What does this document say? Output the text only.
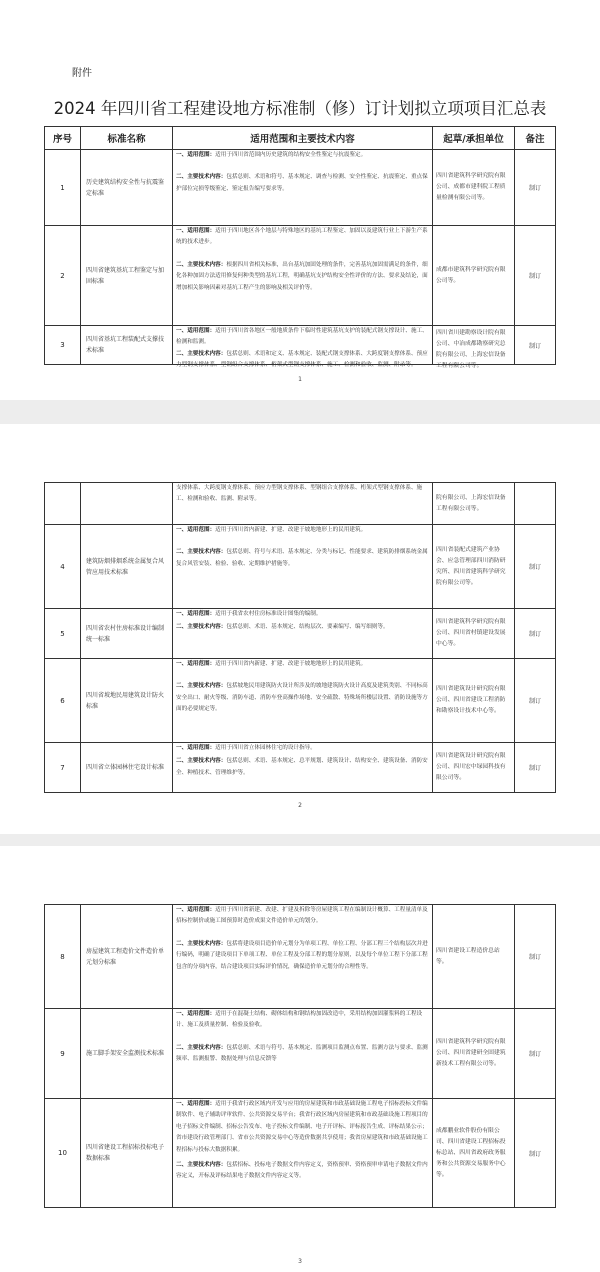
附件
2024 年四川省工程建设地方标准制（修）订计划拟立项项目汇总表
序号	标准名称	适用范围和主要技术内容	起草/承担单位	备注
1	历史建筑结构安全性与抗震鉴定标准	一、适用范围：适用于四川省范围内历史建筑的结构安全性鉴定与抗震鉴定。
二、主要技术内容：包括总则、术语和符号、基本规定、调查与检测、安全性鉴定、抗震鉴定、重点保护部位完损等级鉴定、鉴定报告编写要求等。	四川省建筑科学研究院有限公司、成都市建科院工程质量检测有限公司等。	制订
2	四川省建筑基坑工程鉴定与加固标准	一、适用范围：适用于四川地区各个地层与特殊地区的基坑工程鉴定、加固以及建筑行业上下游生产系统的技术进步。
二、主要技术内容：根据四川省相关标准，出台基坑加固处理的条件，完善基坑加固需满足的条件，细化各种加固方法适用修复何种类型的基坑工程，明确基坑支护结构安全性评价的方法、要求及结论，面增加相关影响因素对基坑工程产生的影响及相关评价等。	成都市建筑科学研究院有限公司等。	制订
3	四川省基坑工程装配式支撑技术标准	一、适用范围：适用于四川省各地区一般地质条件下临时性建筑基坑支护的装配式钢支撑设计、施工、检测和监测。
二、主要技术内容：包括总则、术语和定义、基本规定、装配式钢支撑体系、大跨度钢支撑体系、预应力型钢支撑体系、型钢组合支撑体系、桁架式型钢支撑体系、施工、检测和验收、监测、附录等。	四川省川建勘察设计院有限公司、中冶成都勘察研究总院有限公司、上海宏信设备工程有限公司等。	制订
1
		支撑体系、大跨度钢支撑体系、预应力型钢支撑体系、型钢组合支撑体系、桁架式型钢支撑体系、施工、检测和验收、监测、附录等。	院有限公司、上海宏信设备工程有限公司等。	
4	建筑防烟排烟系统金属复合风管应用技术标准	一、适用范围：适用于四川省内新建、扩建、改建于坡地地形上的民用建筑。
二、主要技术内容：包括总则、符号与术语、基本规定、分类与标记、性能要求、建筑防排烟系统金属复合风管安装、检验、验收、定期维护措施等。	四川省装配式建筑产业协会、应急管理部四川消防研究所、四川省建筑科学研究院有限公司等。	制订
5	四川省农村住房标准设计编制统一标准	一、适用范围：适用于我省农村住房标准设计图集的编制。
二、主要技术内容：包括总则、术语、基本规定、结构层次、要素编写、编写细则等。	四川省建筑科学研究院有限公司、四川省村镇建设发展中心等。	制订
6	四川省坡地民用建筑设计防火标准	一、适用范围：适用于四川省内新建、扩建、改建于坡地地形上的民用建筑。
二、主要技术内容：包括坡地民用建筑防火设计所涉及的坡地建筑防火设计高度及建筑类别、不同标高安全出口、耐火等级、消防车道、消防车登高操作场地、安全疏散、特殊场所楼层设置、消防设施等方面的必要规定等。	四川省建筑设计研究院有限公司、四川省建设工程消防和勘察设计技术中心等。	制订
7	四川省立体园林住宅设计标准	一、适用范围：适用于四川省立体园林住宅的设计指导。
二、主要技术内容：包括总则、术语、基本规定、总平规划、建筑设计、结构安全、建筑设备、消防安全、种植技术、管理维护等。	四川省建筑设计研究院有限公司、四川宏中绿园科技有限公司等。	制订
2
8	房屋建筑工程造价文件造价单元划分标准	一、适用范围：适用于四川省新建、改建、扩建及拆除等房屋建筑工程在编制设计概算、工程量清单及招标控制价或施工图预算时造价成果文件造价单元的划分。
二、主要技术内容：包括将建设项目造价单元划分为单项工程、单位工程、分部工程三个结构层次并进行编码，明确了建设项目下单项工程、单位工程及分部工程的划分原则，以及每个单位工程下分部工程包含的分项内容，结合建设项目实际评价情况，确保造价单元划分的合理性等。	四川省建设工程造价总站等。	制订
9	施工脚手架安全监测技术标准	一、适用范围：适用于在混凝土结构、砌体结构和钢结构加固改造中，采用结构加固灌浆料的工程设计、施工及质量控制、检验及验收。
二、主要技术内容：包括总则、术语与符号、基本规定、监测项目监测点布置、监测方法与要求、监测频率、监测报警、数据处理与信息反馈等	四川省建筑科学研究院有限公司、四川省建研全固建筑新技术工程有限公司等。	制订
10	四川省建设工程招标投标电子数据标准	一、适用范围：适用于我省行政区域内开发与应用的房屋建筑和市政基础设施工程电子招标投标文件编制软件、电子辅助评审软件、公共资源交易平台；我省行政区域内房屋建筑和市政基础设施工程项目的电子招标文件编制、招标公告发布、电子投标文件编制、电子开评标、评标报告生成、评标结果公示；省市建设行政管理部门、省市公共资源交易中心等造价数据共享使用；我省房屋建筑和市政基础设施工程招标与投标大数据积累。
二、主要技术内容：包括招标、投标电子数据文件内容定义，资格预审、资格预审申请电子数据文件内容定义，开标及评标结果电子数据文件内容定义等。	成都鹏业软件股份有限公司、四川省建设工程招标投标总站、四川省政府政务服务和公共资源交易服务中心等。	制订
3
